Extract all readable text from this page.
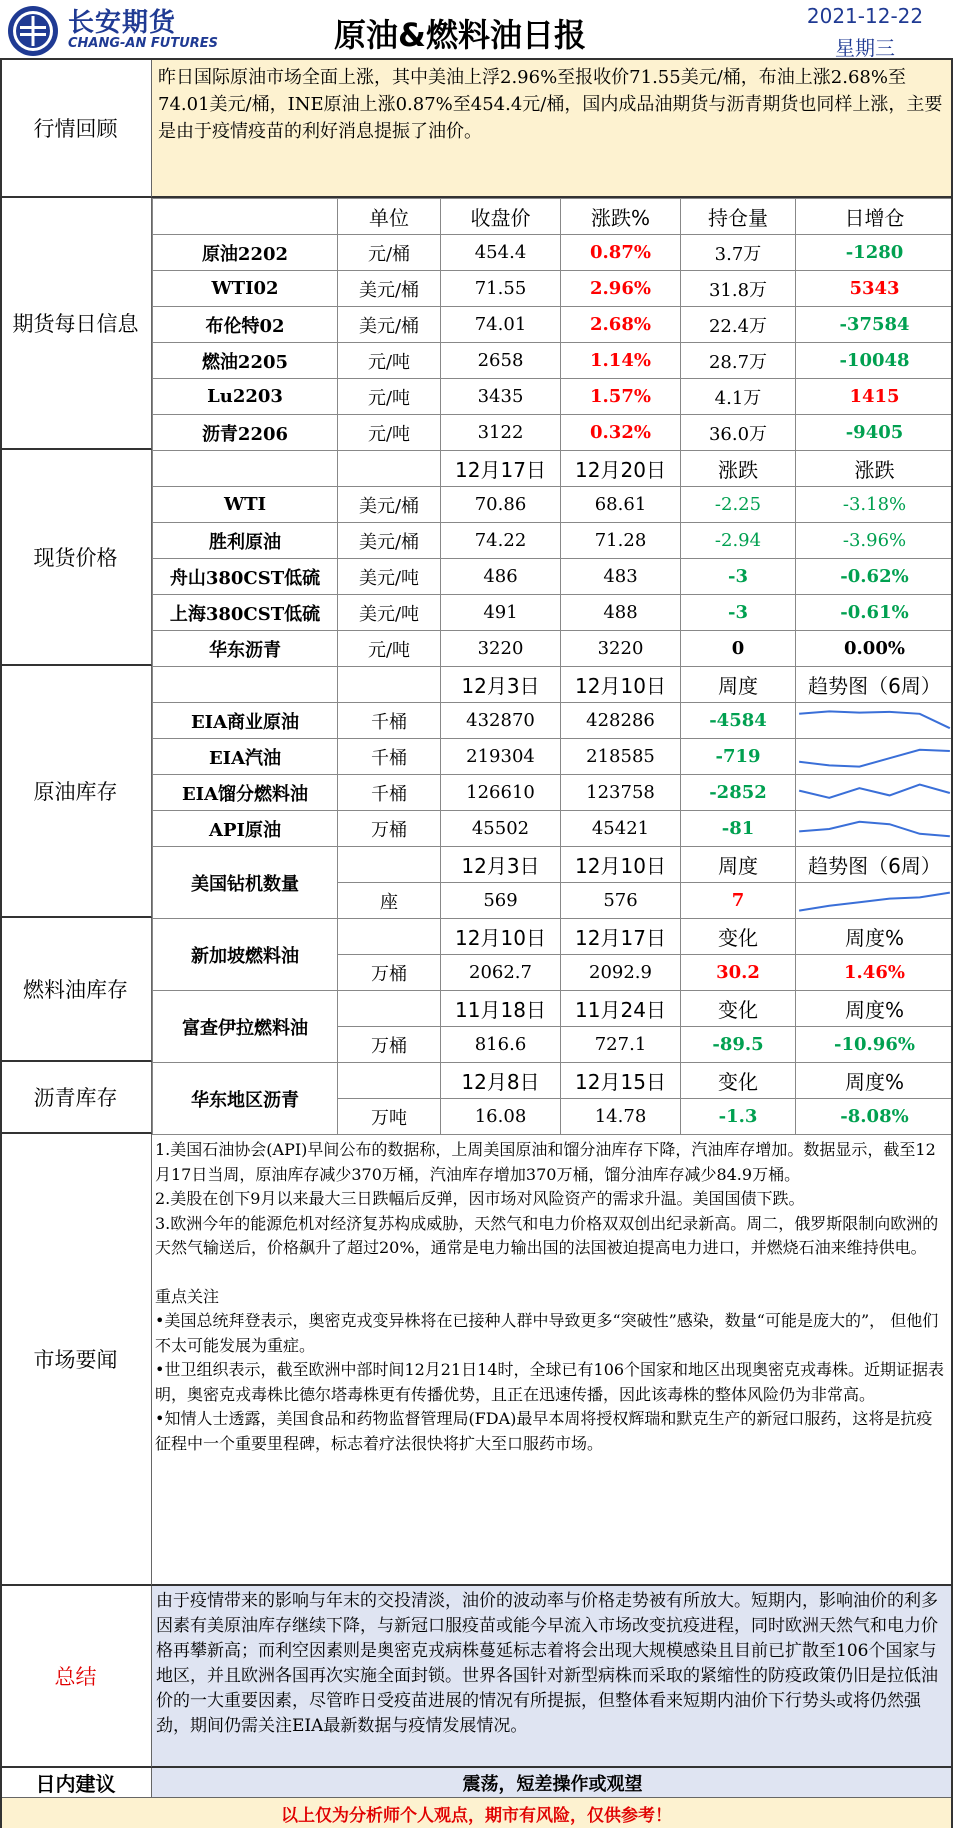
长安期货
CHANG-AN FUTURES	原油&燃料油日报	2021-12-22
星期三
行情回顾
昨日国际原油市场全面上涨，其中美油上浮2.96%至报收价71.55美元/桶，布油上涨2.68%至74.01美元/桶，INE原油上涨0.87%至454.4元/桶，国内成品油期货与沥青期货也同样上涨，主要是由于疫情疫苗的利好消息提振了油价。
期货每日信息
	单位	收盘价	涨跌%	持仓量	日增仓
原油2202	元/桶	454.4	0.87%	3.7万	-1280
WTI02	美元/桶	71.55	2.96%	31.8万	5343
布伦特02	美元/桶	74.01	2.68%	22.4万	-37584
燃油2205	元/吨	2658	1.14%	28.7万	-10048
Lu2203	元/吨	3435	1.57%	4.1万	1415
沥青2206	元/吨	3122	0.32%	36.0万	-9405
现货价格
		12月17日	12月20日	涨跌	涨跌
WTI	美元/桶	70.86	68.61	-2.25	-3.18%
胜利原油	美元/桶	74.22	71.28	-2.94	-3.96%
舟山380CST低硫	美元/吨	486	483	-3	-0.62%
上海380CST低硫	美元/吨	491	488	-3	-0.61%
华东沥青	元/吨	3220	3220	0	0.00%
原油库存
		12月3日	12月10日	周度	趋势图（6周）
EIA商业原油	千桶	432870	428286	-4584	

EIA汽油	千桶	219304	218585	-719	

EIA馏分燃料油	千桶	126610	123758	-2852	

API原油	万桶	45502	45421	-81	

美国钻机数量		12月3日	12月10日	周度	趋势图（6周）
	座	569	576	7	
燃料油库存
新加坡燃料油		12月10日	12月17日	变化	周度%
	万桶	2062.7	2092.9	30.2	1.46%
富查伊拉燃料油		11月18日	11月24日	变化	周度%
	万桶	816.6	727.1	-89.5	-10.96%
沥青库存	华东地区沥青		12月8日	12月15日	变化	周度%
	万吨	16.08	14.78	-1.3	-8.08%
市场要闻

1.美国石油协会(API)早间公布的数据称，上周美国原油和馏分油库存下降，汽油库存增加。数据显示，截至12月17日当周，原油库存减少370万桶，汽油库存增加370万桶，馏分油库存减少84.9万桶。

2.美股在创下9月以来最大三日跌幅后反弹，因市场对风险资产的需求升温。美国国债下跌。

3.欧洲今年的能源危机对经济复苏构成威胁，天然气和电力价格双双创出纪录新高。周二，俄罗斯限制向欧洲的天然气输送后，价格飙升了超过20%，通常是电力输出国的法国被迫提高电力进口，并燃烧石油来维持供电。

重点关注

•美国总统拜登表示，奥密克戎变异株将在已接种人群中导致更多“突破性”感染，数量“可能是庞大的”， 但他们不太可能发展为重症。

•世卫组织表示，截至欧洲中部时间12月21日14时，全球已有106个国家和地区出现奥密克戎毒株。近期证据表明，奥密克戎毒株比德尔塔毒株更有传播优势，且正在迅速传播，因此该毒株的整体风险仍为非常高。

•知情人士透露，美国食品和药物监督管理局(FDA)最早本周将授权辉瑞和默克生产的新冠口服药，这将是抗疫征程中一个重要里程碑，标志着疗法很快将扩大至口服药市场。

总结
由于疫情带来的影响与年末的交投清淡，油价的波动率与价格走势被有所放大。短期内，影响油价的利多因素有美原油库存继续下降，与新冠口服疫苗或能今早流入市场改变抗疫进程，同时欧洲天然气和电力价格再攀新高；而利空因素则是奥密克戎病株蔓延标志着将会出现大规模感染且目前已扩散至106个国家与地区，并且欧洲各国再次实施全面封锁。世界各国针对新型病株而采取的紧缩性的防疫政策仍旧是拉低油价的一大重要因素，尽管昨日受疫苗进展的情况有所提振，但整体看来短期内油价下行势头或将仍然强劲，期间仍需关注EIA最新数据与疫情发展情况。
日内建议	震荡，短差操作或观望
以上仅为分析师个人观点，期市有风险，仅供参考！
